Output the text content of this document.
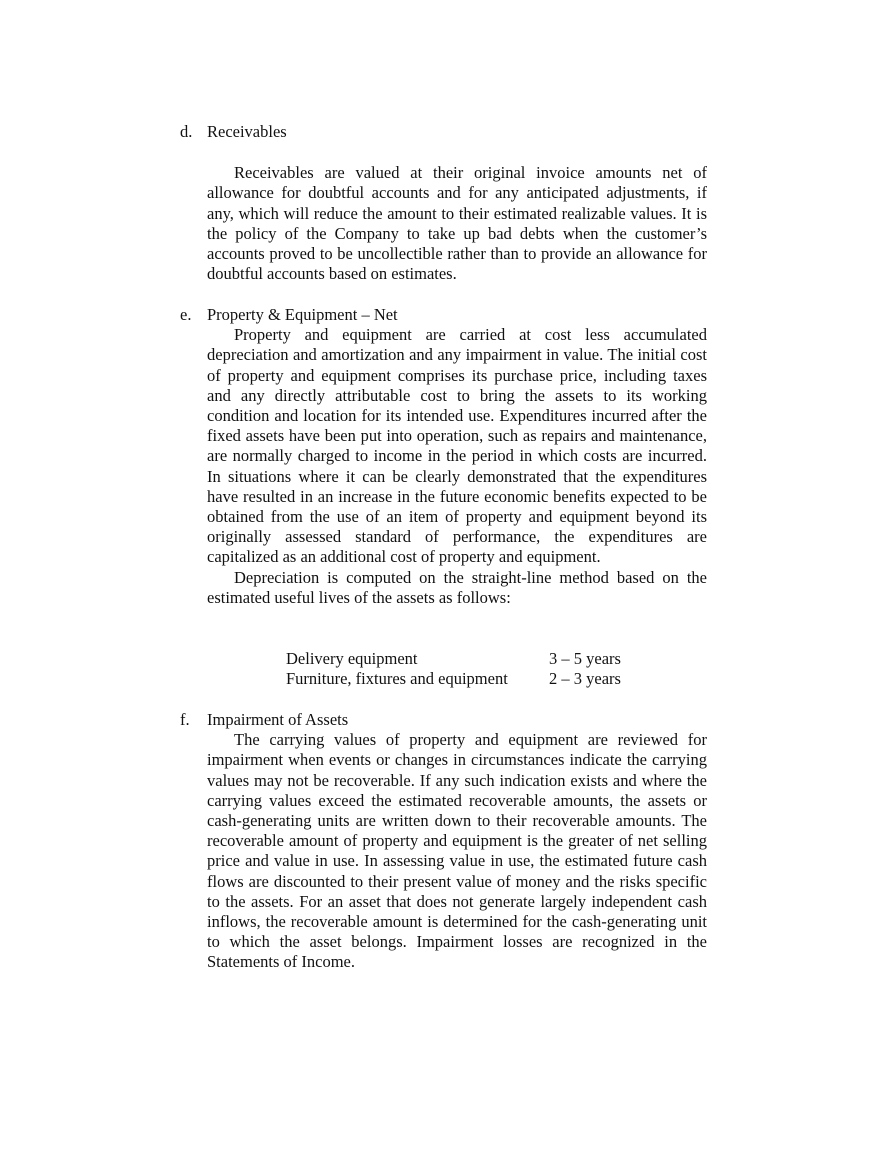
d. Receivables

Receivables are valued at their original invoice amounts net of allowance for doubtful accounts and for any anticipated adjustments, if any, which will reduce the amount to their estimated realizable values. It is the policy of the Company to take up bad debts when the customer’s accounts proved to be uncollectible rather than to provide an allowance for doubtful accounts based on estimates.

e. Property & Equipment – Net

Property and equipment are carried at cost less accumulated depreciation and amortization and any impairment in value. The initial cost of property and equipment comprises its purchase price, including taxes and any directly attributable cost to bring the assets to its working condition and location for its intended use. Expenditures incurred after the fixed assets have been put into operation, such as repairs and maintenance, are normally charged to income in the period in which costs are incurred. In situations where it can be clearly demonstrated that the expenditures have resulted in an increase in the future economic benefits expected to be obtained from the use of an item of property and equipment beyond its originally assessed standard of performance, the expenditures are capitalized as an additional cost of property and equipment.

Depreciation is computed on the straight-line method based on the estimated useful lives of the assets as follows:

Delivery equipment	3 – 5 years
Furniture, fixtures and equipment 2 – 3 years
f. Impairment of Assets

The carrying values of property and equipment are reviewed for impairment when events or changes in circumstances indicate the carrying values may not be recoverable. If any such indication exists and where the carrying values exceed the estimated recoverable amounts, the assets or cash-generating units are written down to their recoverable amounts. The recoverable amount of property and equipment is the greater of net selling price and value in use. In assessing value in use, the estimated future cash flows are discounted to their present value of money and the risks specific to the assets. For an asset that does not generate largely independent cash inflows, the recoverable amount is determined for the cash-generating unit to which the asset belongs. Impairment losses are recognized in the Statements of Income.
